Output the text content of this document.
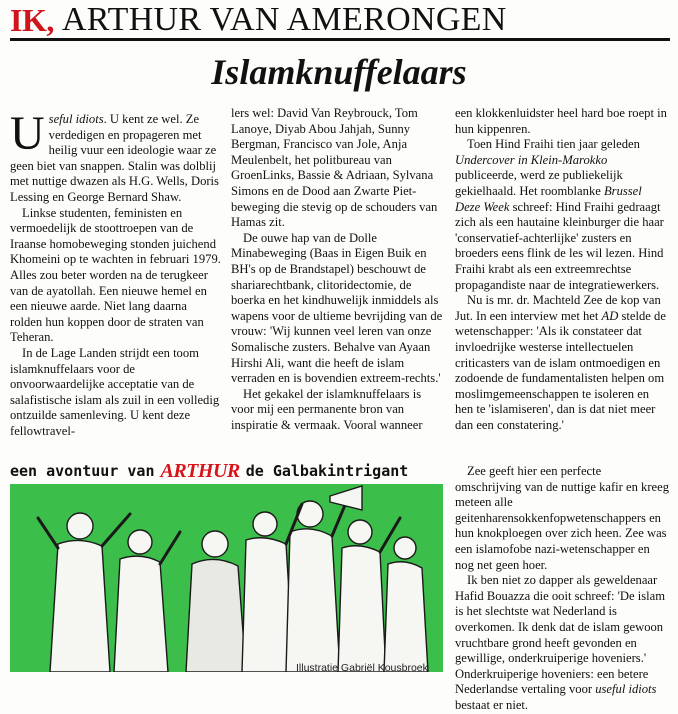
IK, ARTHUR VAN AMERONGEN
Islamknuffelaars

Useful idiots. U kent ze wel. Ze verdedigen en propageren met heilig vuur een ideologie waar ze geen biet van snappen. Stalin was dolblij met nuttige dwazen als H.G. Wells, Doris Lessing en George Bernard Shaw.

Linkse studenten, feministen en vermoedelijk de stoottroepen van de Iraanse homobeweging stonden juichend Khomeini op te wachten in februari 1979. Alles zou beter worden na de terugkeer van de ayatollah. Een nieuwe hemel en een nieuwe aarde. Niet lang daarna rolden hun koppen door de straten van Teheran.

In de Lage Landen strijdt een toom islamknuffelaars voor de onvoorwaardelijke acceptatie van de salafistische islam als zuil in een volledig ontzuilde samenleving. U kent deze fellowtravel-

lers wel: David Van Reybrouck, Tom Lanoye, Diyab Abou Jahjah, Sunny Bergman, Francisco van Jole, Anja Meulenbelt, het politbureau van GroenLinks, Bassie & Adriaan, Sylvana Simons en de Dood aan Zwarte Piet-beweging die stevig op de schouders van Hamas zit.

De ouwe hap van de Dolle Minabeweging (Baas in Eigen Buik en BH's op de Brandstapel) beschouwt de shariarechtbank, clitoridectomie, de boerka en het kindhuwelijk inmiddels als wapens voor de ultieme bevrijding van de vrouw: 'Wij kunnen veel leren van onze Somalische zusters. Behalve van Ayaan Hirshi Ali, want die heeft de islam verraden en is bovendien extreem-rechts.'

Het gekakel der islamknuffelaars is voor mij een permanente bron van inspiratie & vermaak. Vooral wanneer

een klokkenluidster heel hard boe roept in hun kippenren.

Toen Hind Fraihi tien jaar geleden Undercover in Klein-Marokko publiceerde, werd ze publiekelijk gekielhaald. Het roomblanke Brussel Deze Week schreef: Hind Fraihi gedraagt zich als een hautaine kleinburger die haar 'conservatief-achterlijke' zusters en broeders eens flink de les wil lezen. Hind Fraihi krabt als een extreemrechtse propagandiste naar de integratiewerkers.

Nu is mr. dr. Machteld Zee de kop van Jut. In een interview met het AD stelde de wetenschapper: 'Als ik constateer dat invloedrijke westerse intellectuelen criticasters van de islam ontmoedigen en zodoende de fundamentalisten helpen om moslimgemeenschappen te isoleren en hen te 'islamiseren', dan is dat niet meer dan een constatering.'

Zee geeft hier een perfecte omschrijving van de nuttige kafir en kreeg meteen alle geitenharensokkenfopwetenschappers en hun knokploegen over zich heen. Zee was een islamofobe nazi-wetenschapper en nog net geen hoer.

Ik ben niet zo dapper als geweldenaar Hafid Bouazza die ooit schreef: 'De islam is het slechtste wat Nederland is overkomen. Ik denk dat de islam gewoon vruchtbare grond heeft gevonden en gewillige, onderkruiperige hoveniers.' Onderkruiperige hoveniers: een betere Nederlandse vertaling voor useful idiots bestaat er niet.

een avontuur van ARTHUR de Galbakintrigant
Illustratie Gabriël Kousbroek
